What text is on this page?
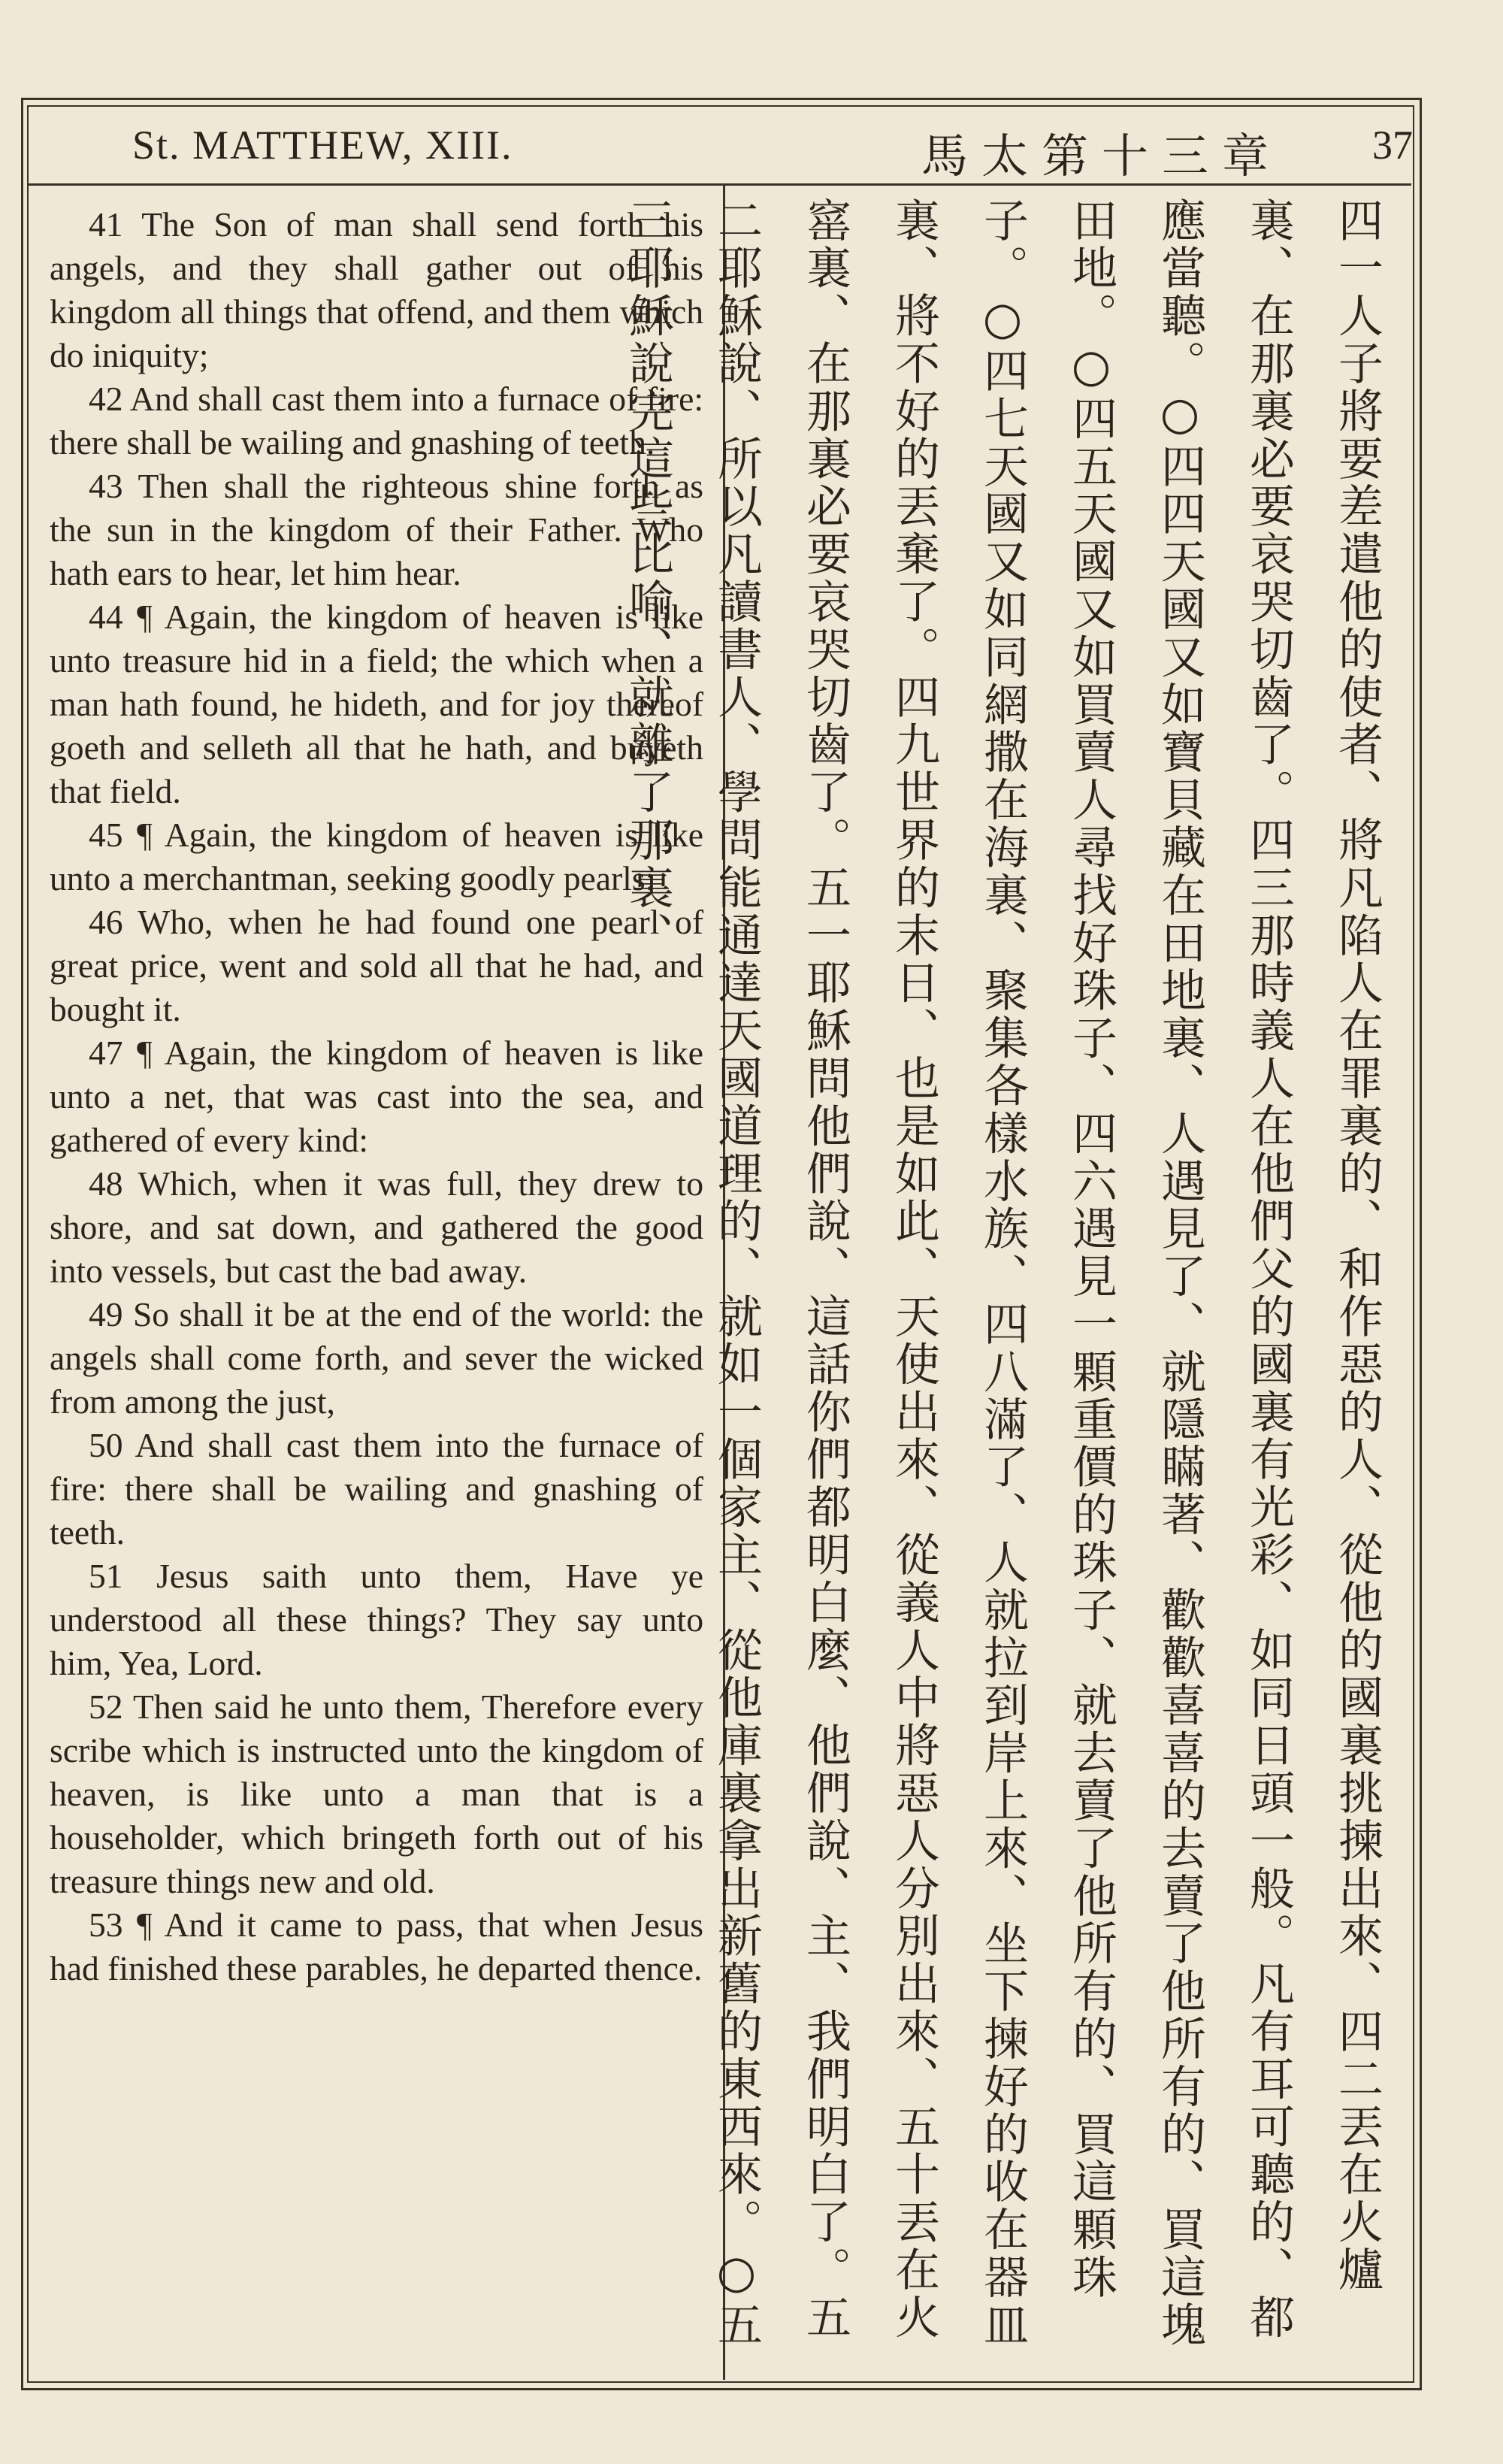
St. MATTHEW, XIII.	馬太第十三章 37

41 The Son of man shall send forth his angels, and they shall gather out of his kingdom all things that offend, and them which do iniquity;

42 And shall cast them into a furnace of fire: there shall be wailing and gnashing of teeth.

43 Then shall the righteous shine forth as the sun in the kingdom of their Father. Who hath ears to hear, let him hear.

44 ¶ Again, the kingdom of heaven is like unto treasure hid in a field; the which when a man hath found, he hideth, and for joy thereof goeth and selleth all that he hath, and buyeth that field.

45 ¶ Again, the kingdom of heaven is like unto a merchantman, seeking goodly pearls:

46 Who, when he had found one pearl of great price, went and sold all that he had, and bought it.

47 ¶ Again, the kingdom of heaven is like unto a net, that was cast into the sea, and gathered of every kind:

48 Which, when it was full, they drew to shore, and sat down, and gathered the good into vessels, but cast the bad away.

49 So shall it be at the end of the world: the angels shall come forth, and sever the wicked from among the just,

50 And shall cast them into the furnace of fire: there shall be wailing and gnashing of teeth.

51 Jesus saith unto them, Have ye understood all these things? They say unto him, Yea, Lord.

52 Then said he unto them, Therefore every scribe which is instructed unto the kingdom of heaven, is like unto a man that is a householder, which bringeth forth out of his treasure things new and old.

53 ¶ And it came to pass, that when Jesus had finished these parables, he departed thence.	四一人子將要差遣他的使者、將凡陷人在罪裏的、和作惡的人、從他的國裏挑揀出來、四二丟在火爐裏、在那裏必要哀哭切齒了。四三那時義人在他們父的國裏有光彩、如同日頭一般。凡有耳可聽的、都應當聽。○四四天國又如寶貝藏在田地裏、人遇見了、就隱瞞著、歡歡喜喜的去賣了他所有的、買這塊田地。○四五天國又如買賣人尋找好珠子、四六遇見一顆重價的珠子、就去賣了他所有的、買這顆珠子。○四七天國又如同網撒在海裏、聚集各樣水族、四八滿了、人就拉到岸上來、坐下揀好的收在器皿裏、將不好的丟棄了。四九世界的末日、也是如此、天使出來、從義人中將惡人分別出來、五十丟在火窰裏、在那裏必要哀哭切齒了。五一耶穌問他們說、這話你們都明白麼、他們說、主、我們明白了。五二耶穌說、所以凡讀書人、學問能通達天國道理的、就如一個家主、從他庫裏拿出新舊的東西來。○五三耶穌說完這些比喻、就離了那裏、
